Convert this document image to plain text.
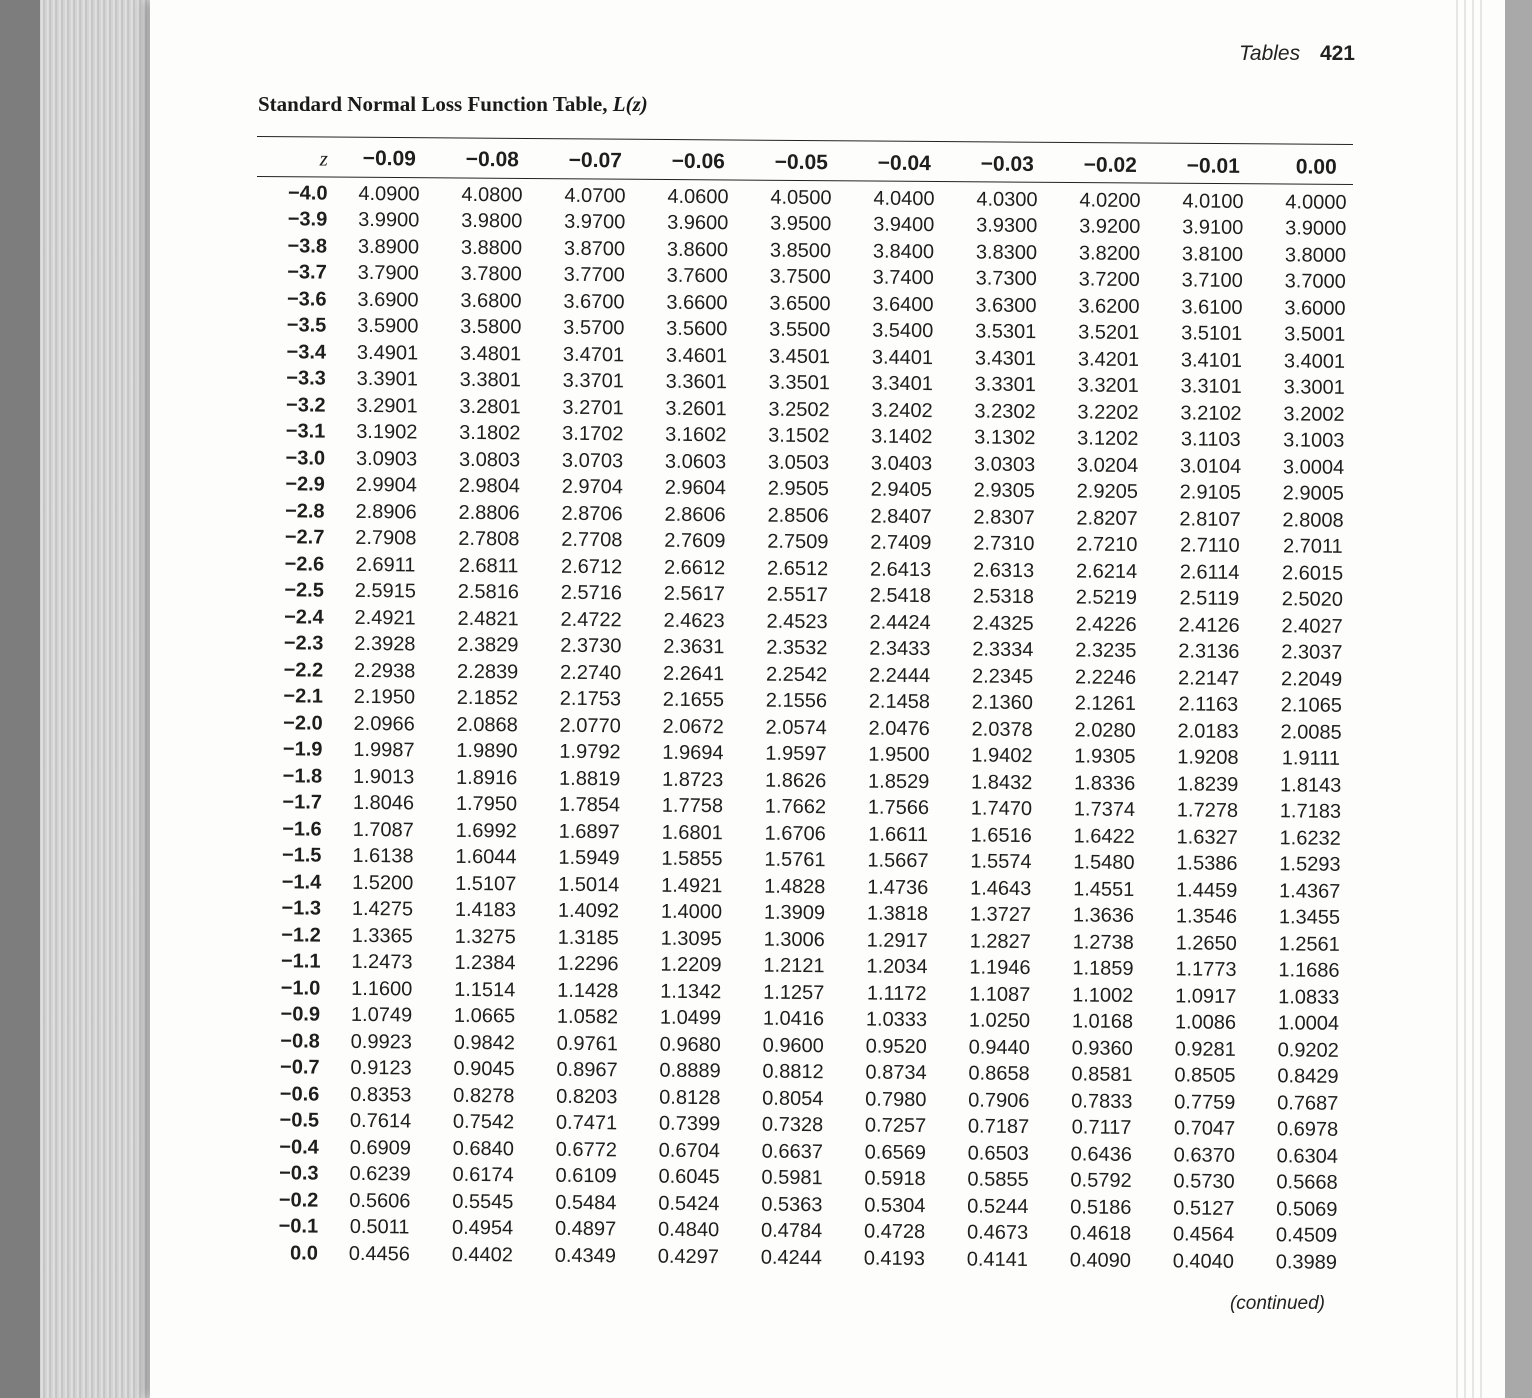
Tables 421
Standard Normal Loss Function Table, L(z)
z	−0.09	−0.08	−0.07	−0.06	−0.05	−0.04	−0.03	−0.02	−0.01	0.00
−4.0	4.0900	4.0800	4.0700	4.0600	4.0500	4.0400	4.0300	4.0200	4.0100	4.0000
−3.9	3.9900	3.9800	3.9700	3.9600	3.9500	3.9400	3.9300	3.9200	3.9100	3.9000
−3.8	3.8900	3.8800	3.8700	3.8600	3.8500	3.8400	3.8300	3.8200	3.8100	3.8000
−3.7	3.7900	3.7800	3.7700	3.7600	3.7500	3.7400	3.7300	3.7200	3.7100	3.7000
−3.6	3.6900	3.6800	3.6700	3.6600	3.6500	3.6400	3.6300	3.6200	3.6100	3.6000
−3.5	3.5900	3.5800	3.5700	3.5600	3.5500	3.5400	3.5301	3.5201	3.5101	3.5001
−3.4	3.4901	3.4801	3.4701	3.4601	3.4501	3.4401	3.4301	3.4201	3.4101	3.4001
−3.3	3.3901	3.3801	3.3701	3.3601	3.3501	3.3401	3.3301	3.3201	3.3101	3.3001
−3.2	3.2901	3.2801	3.2701	3.2601	3.2502	3.2402	3.2302	3.2202	3.2102	3.2002
−3.1	3.1902	3.1802	3.1702	3.1602	3.1502	3.1402	3.1302	3.1202	3.1103	3.1003
−3.0	3.0903	3.0803	3.0703	3.0603	3.0503	3.0403	3.0303	3.0204	3.0104	3.0004
−2.9	2.9904	2.9804	2.9704	2.9604	2.9505	2.9405	2.9305	2.9205	2.9105	2.9005
−2.8	2.8906	2.8806	2.8706	2.8606	2.8506	2.8407	2.8307	2.8207	2.8107	2.8008
−2.7	2.7908	2.7808	2.7708	2.7609	2.7509	2.7409	2.7310	2.7210	2.7110	2.7011
−2.6	2.6911	2.6811	2.6712	2.6612	2.6512	2.6413	2.6313	2.6214	2.6114	2.6015
−2.5	2.5915	2.5816	2.5716	2.5617	2.5517	2.5418	2.5318	2.5219	2.5119	2.5020
−2.4	2.4921	2.4821	2.4722	2.4623	2.4523	2.4424	2.4325	2.4226	2.4126	2.4027
−2.3	2.3928	2.3829	2.3730	2.3631	2.3532	2.3433	2.3334	2.3235	2.3136	2.3037
−2.2	2.2938	2.2839	2.2740	2.2641	2.2542	2.2444	2.2345	2.2246	2.2147	2.2049
−2.1	2.1950	2.1852	2.1753	2.1655	2.1556	2.1458	2.1360	2.1261	2.1163	2.1065
−2.0	2.0966	2.0868	2.0770	2.0672	2.0574	2.0476	2.0378	2.0280	2.0183	2.0085
−1.9	1.9987	1.9890	1.9792	1.9694	1.9597	1.9500	1.9402	1.9305	1.9208	1.9111
−1.8	1.9013	1.8916	1.8819	1.8723	1.8626	1.8529	1.8432	1.8336	1.8239	1.8143
−1.7	1.8046	1.7950	1.7854	1.7758	1.7662	1.7566	1.7470	1.7374	1.7278	1.7183
−1.6	1.7087	1.6992	1.6897	1.6801	1.6706	1.6611	1.6516	1.6422	1.6327	1.6232
−1.5	1.6138	1.6044	1.5949	1.5855	1.5761	1.5667	1.5574	1.5480	1.5386	1.5293
−1.4	1.5200	1.5107	1.5014	1.4921	1.4828	1.4736	1.4643	1.4551	1.4459	1.4367
−1.3	1.4275	1.4183	1.4092	1.4000	1.3909	1.3818	1.3727	1.3636	1.3546	1.3455
−1.2	1.3365	1.3275	1.3185	1.3095	1.3006	1.2917	1.2827	1.2738	1.2650	1.2561
−1.1	1.2473	1.2384	1.2296	1.2209	1.2121	1.2034	1.1946	1.1859	1.1773	1.1686
−1.0	1.1600	1.1514	1.1428	1.1342	1.1257	1.1172	1.1087	1.1002	1.0917	1.0833
−0.9	1.0749	1.0665	1.0582	1.0499	1.0416	1.0333	1.0250	1.0168	1.0086	1.0004
−0.8	0.9923	0.9842	0.9761	0.9680	0.9600	0.9520	0.9440	0.9360	0.9281	0.9202
−0.7	0.9123	0.9045	0.8967	0.8889	0.8812	0.8734	0.8658	0.8581	0.8505	0.8429
−0.6	0.8353	0.8278	0.8203	0.8128	0.8054	0.7980	0.7906	0.7833	0.7759	0.7687
−0.5	0.7614	0.7542	0.7471	0.7399	0.7328	0.7257	0.7187	0.7117	0.7047	0.6978
−0.4	0.6909	0.6840	0.6772	0.6704	0.6637	0.6569	0.6503	0.6436	0.6370	0.6304
−0.3	0.6239	0.6174	0.6109	0.6045	0.5981	0.5918	0.5855	0.5792	0.5730	0.5668
−0.2	0.5606	0.5545	0.5484	0.5424	0.5363	0.5304	0.5244	0.5186	0.5127	0.5069
−0.1	0.5011	0.4954	0.4897	0.4840	0.4784	0.4728	0.4673	0.4618	0.4564	0.4509
0.0	0.4456	0.4402	0.4349	0.4297	0.4244	0.4193	0.4141	0.4090	0.4040	0.3989
(continued)
